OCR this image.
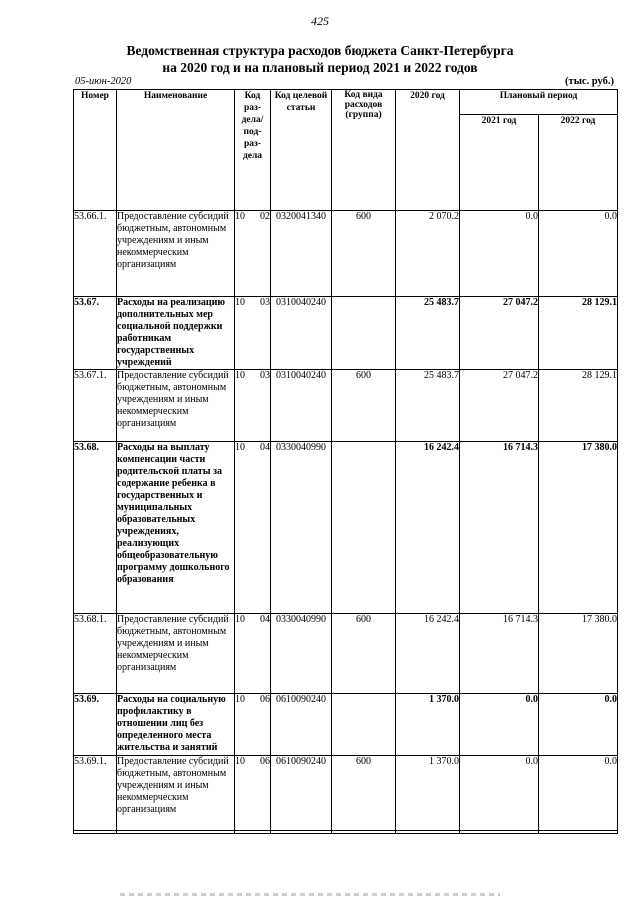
425
Ведомственная структура расходов бюджета Санкт-Петербурга
на 2020 год и на плановый период 2021 и 2022 годов
05-июн-2020	(тыс. руб.)
Номер	Наименование	Код раз- дела/ под- раз- дела	Код целевой статьи	Код вида расходов (группа)	2020 год	Плановый период	
						2021 год	2022 год
53.66.1.	Предоставление субсидий бюджетным, автономным учреждениям и иным некоммерческим организациям	10 02	0320041340	600	2 070.2	0.0	0.0
53.67.	Расходы на реализацию дополнительных мер социальной поддержки работникам государственных учреждений	10 03	0310040240		25 483.7	27 047.2	28 129.1
53.67.1.	Предоставление субсидий бюджетным, автономным учреждениям и иным некоммерческим организациям	10 03	0310040240	600	25 483.7	27 047.2	28 129.1
53.68.	Расходы на выплату компенсации части родительской платы за содержание ребенка в государственных и муниципальных образовательных учреждениях, реализующих общеобразовательную программу дошкольного образования	10 04	0330040990		16 242.4	16 714.3	17 380.0
53.68.1.	Предоставление субсидий бюджетным, автономным учреждениям и иным некоммерческим организациям	10 04	0330040990	600	16 242.4	16 714.3	17 380.0
53.69.	Расходы на социальную профилактику в отношении лиц без определенного места жительства и занятий	10 06	0610090240		1 370.0	0.0	0.0
53.69.1.	Предоставление субсидий бюджетным, автономным учреждениям и иным некоммерческим организациям	10 06	0610090240	600	1 370.0	0.0	0.0
